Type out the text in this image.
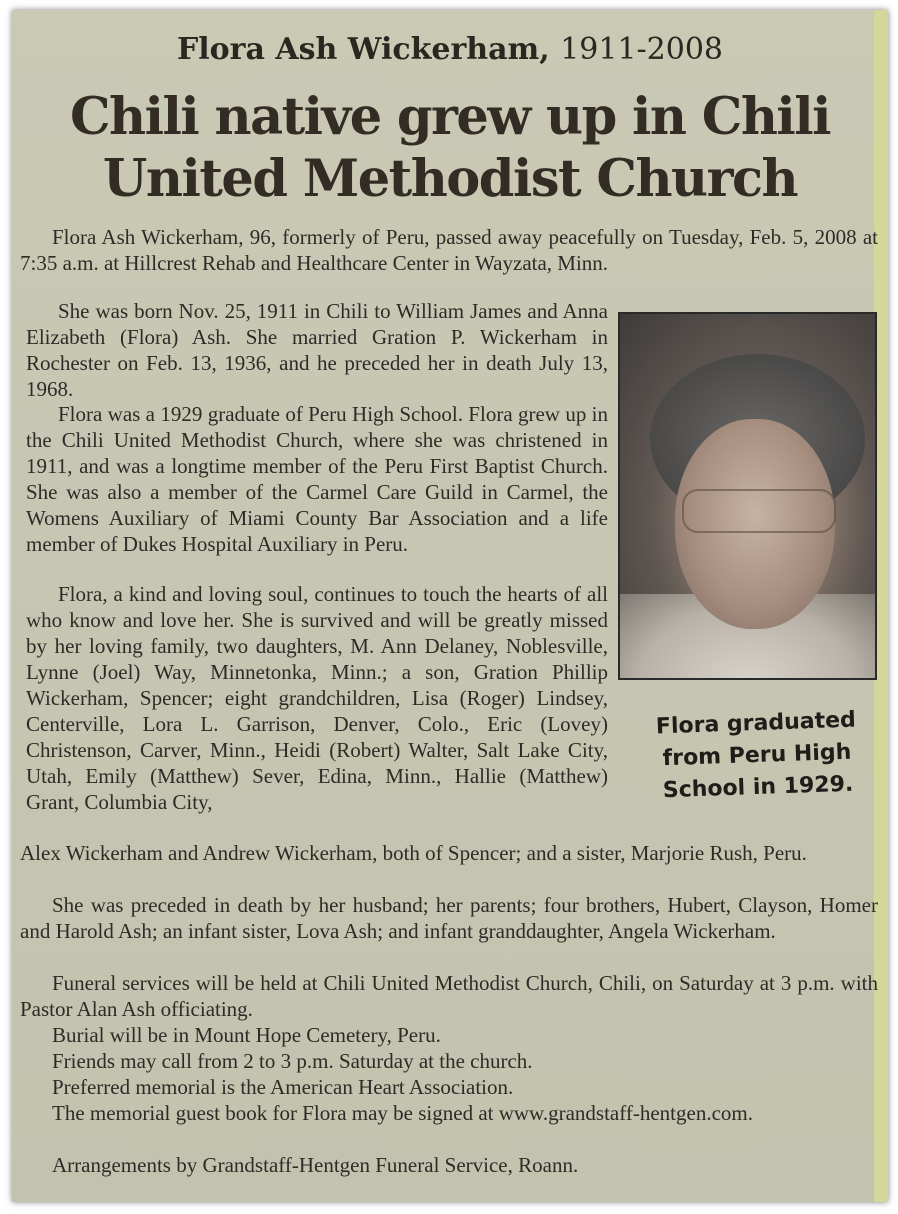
Flora Ash Wickerham, 1911-2008
Chili native grew up in Chili
United Methodist Church

Flora Ash Wickerham, 96, formerly of Peru, passed away peacefully on Tuesday, Feb. 5, 2008 at 7:35 a.m. at Hillcrest Rehab and Healthcare Center in Wayzata, Minn.

She was born Nov. 25, 1911 in Chili to William James and Anna Elizabeth (Flora) Ash. She married Gration P. Wickerham in Rochester on Feb. 13, 1936, and he preceded her in death July 13, 1968.

Flora was a 1929 graduate of Peru High School. Flora grew up in the Chili United Methodist Church, where she was christened in 1911, and was a longtime member of the Peru First Baptist Church. She was also a member of the Carmel Care Guild in Carmel, the Womens Auxiliary of Miami County Bar Association and a life member of Dukes Hospital Auxiliary in Peru.

Flora, a kind and loving soul, continues to touch the hearts of all who know and love her. She is survived and will be greatly missed by her loving family, two daughters, M. Ann Delaney, Noblesville, Lynne (Joel) Way, Minnetonka, Minn.; a son, Gration Phillip Wickerham, Spencer; eight grandchildren, Lisa (Roger) Lindsey, Centerville, Lora L. Garrison, Denver, Colo., Eric (Lovey) Christenson, Carver, Minn., Heidi (Robert) Walter, Salt Lake City, Utah, Emily (Matthew) Sever, Edina, Minn., Hallie (Matthew) Grant, Columbia City,

Flora graduated from Peru High School in 1929.

Alex Wickerham and Andrew Wickerham, both of Spencer; and a sister, Marjorie Rush, Peru.

She was preceded in death by her husband; her parents; four brothers, Hubert, Clayson, Homer and Harold Ash; an infant sister, Lova Ash; and infant granddaughter, Angela Wickerham.

Funeral services will be held at Chili United Methodist Church, Chili, on Saturday at 3 p.m. with Pastor Alan Ash officiating.

Burial will be in Mount Hope Cemetery, Peru.

Friends may call from 2 to 3 p.m. Saturday at the church.

Preferred memorial is the American Heart Association.

The memorial guest book for Flora may be signed at www.grandstaff-hentgen.com.

Arrangements by Grandstaff-Hentgen Funeral Service, Roann.
